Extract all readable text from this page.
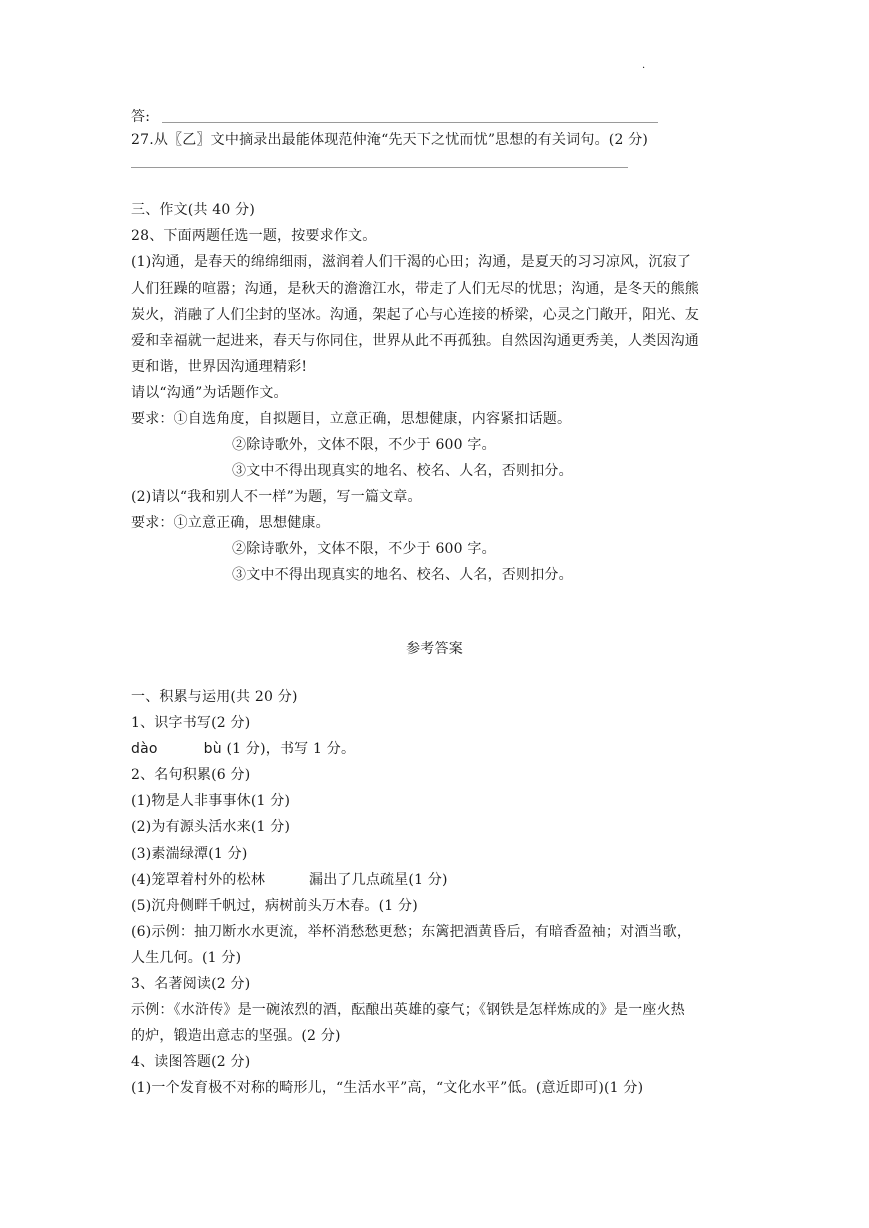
·
答:
27.从〖乙〗文中摘录出最能体现范仲淹“先天下之忧而忧”思想的有关词句。(2 分)
三、作文(共 40 分)
28、下面两题任选一题，按要求作文。
(1)沟通，是春天的绵绵细雨，滋润着人们干渴的心田；沟通，是夏天的习习凉风，沉寂了
人们狂躁的喧嚣；沟通，是秋天的澹澹江水，带走了人们无尽的忧思；沟通，是冬天的熊熊
炭火，消融了人们尘封的坚冰。沟通，架起了心与心连接的桥梁，心灵之门敞开，阳光、友
爱和幸福就一起进来，春天与你同住，世界从此不再孤独。自然因沟通更秀美，人类因沟通
更和谐，世界因沟通理精彩!
请以“沟通”为话题作文。
要求：①自选角度，自拟题目，立意正确，思想健康，内容紧扣话题。
②除诗歌外，文体不限，不少于 600 字。
③文中不得出现真实的地名、校名、人名，否则扣分。
(2)请以“我和别人不一样”为题，写一篇文章。
要求：①立意正确，思想健康。
②除诗歌外，文体不限，不少于 600 字。
③文中不得出现真实的地名、校名、人名，否则扣分。
参考答案
一、积累与运用(共 20 分)
1、识字书写(2 分)
dào	bù (1 分)，书写 1 分。
2、名句积累(6 分)
(1)物是人非事事休(1 分)
(2)为有源头活水来(1 分)
(3)素湍绿潭(1 分)
(4)笼罩着村外的松林	漏出了几点疏星(1 分)
(5)沉舟侧畔千帆过，病树前头万木春。(1 分)
(6)示例：抽刀断水水更流，举杯消愁愁更愁；东篱把酒黄昏后，有暗香盈袖；对酒当歌，
人生几何。(1 分)
3、名著阅读(2 分)
示例：《水浒传》是一碗浓烈的酒，酝酿出英雄的豪气；《钢铁是怎样炼成的》是一座火热
的炉，锻造出意志的坚强。(2 分)
4、读图答题(2 分)
(1)一个发育极不对称的畸形儿，“生活水平”高，“文化水平”低。(意近即可)(1 分)
